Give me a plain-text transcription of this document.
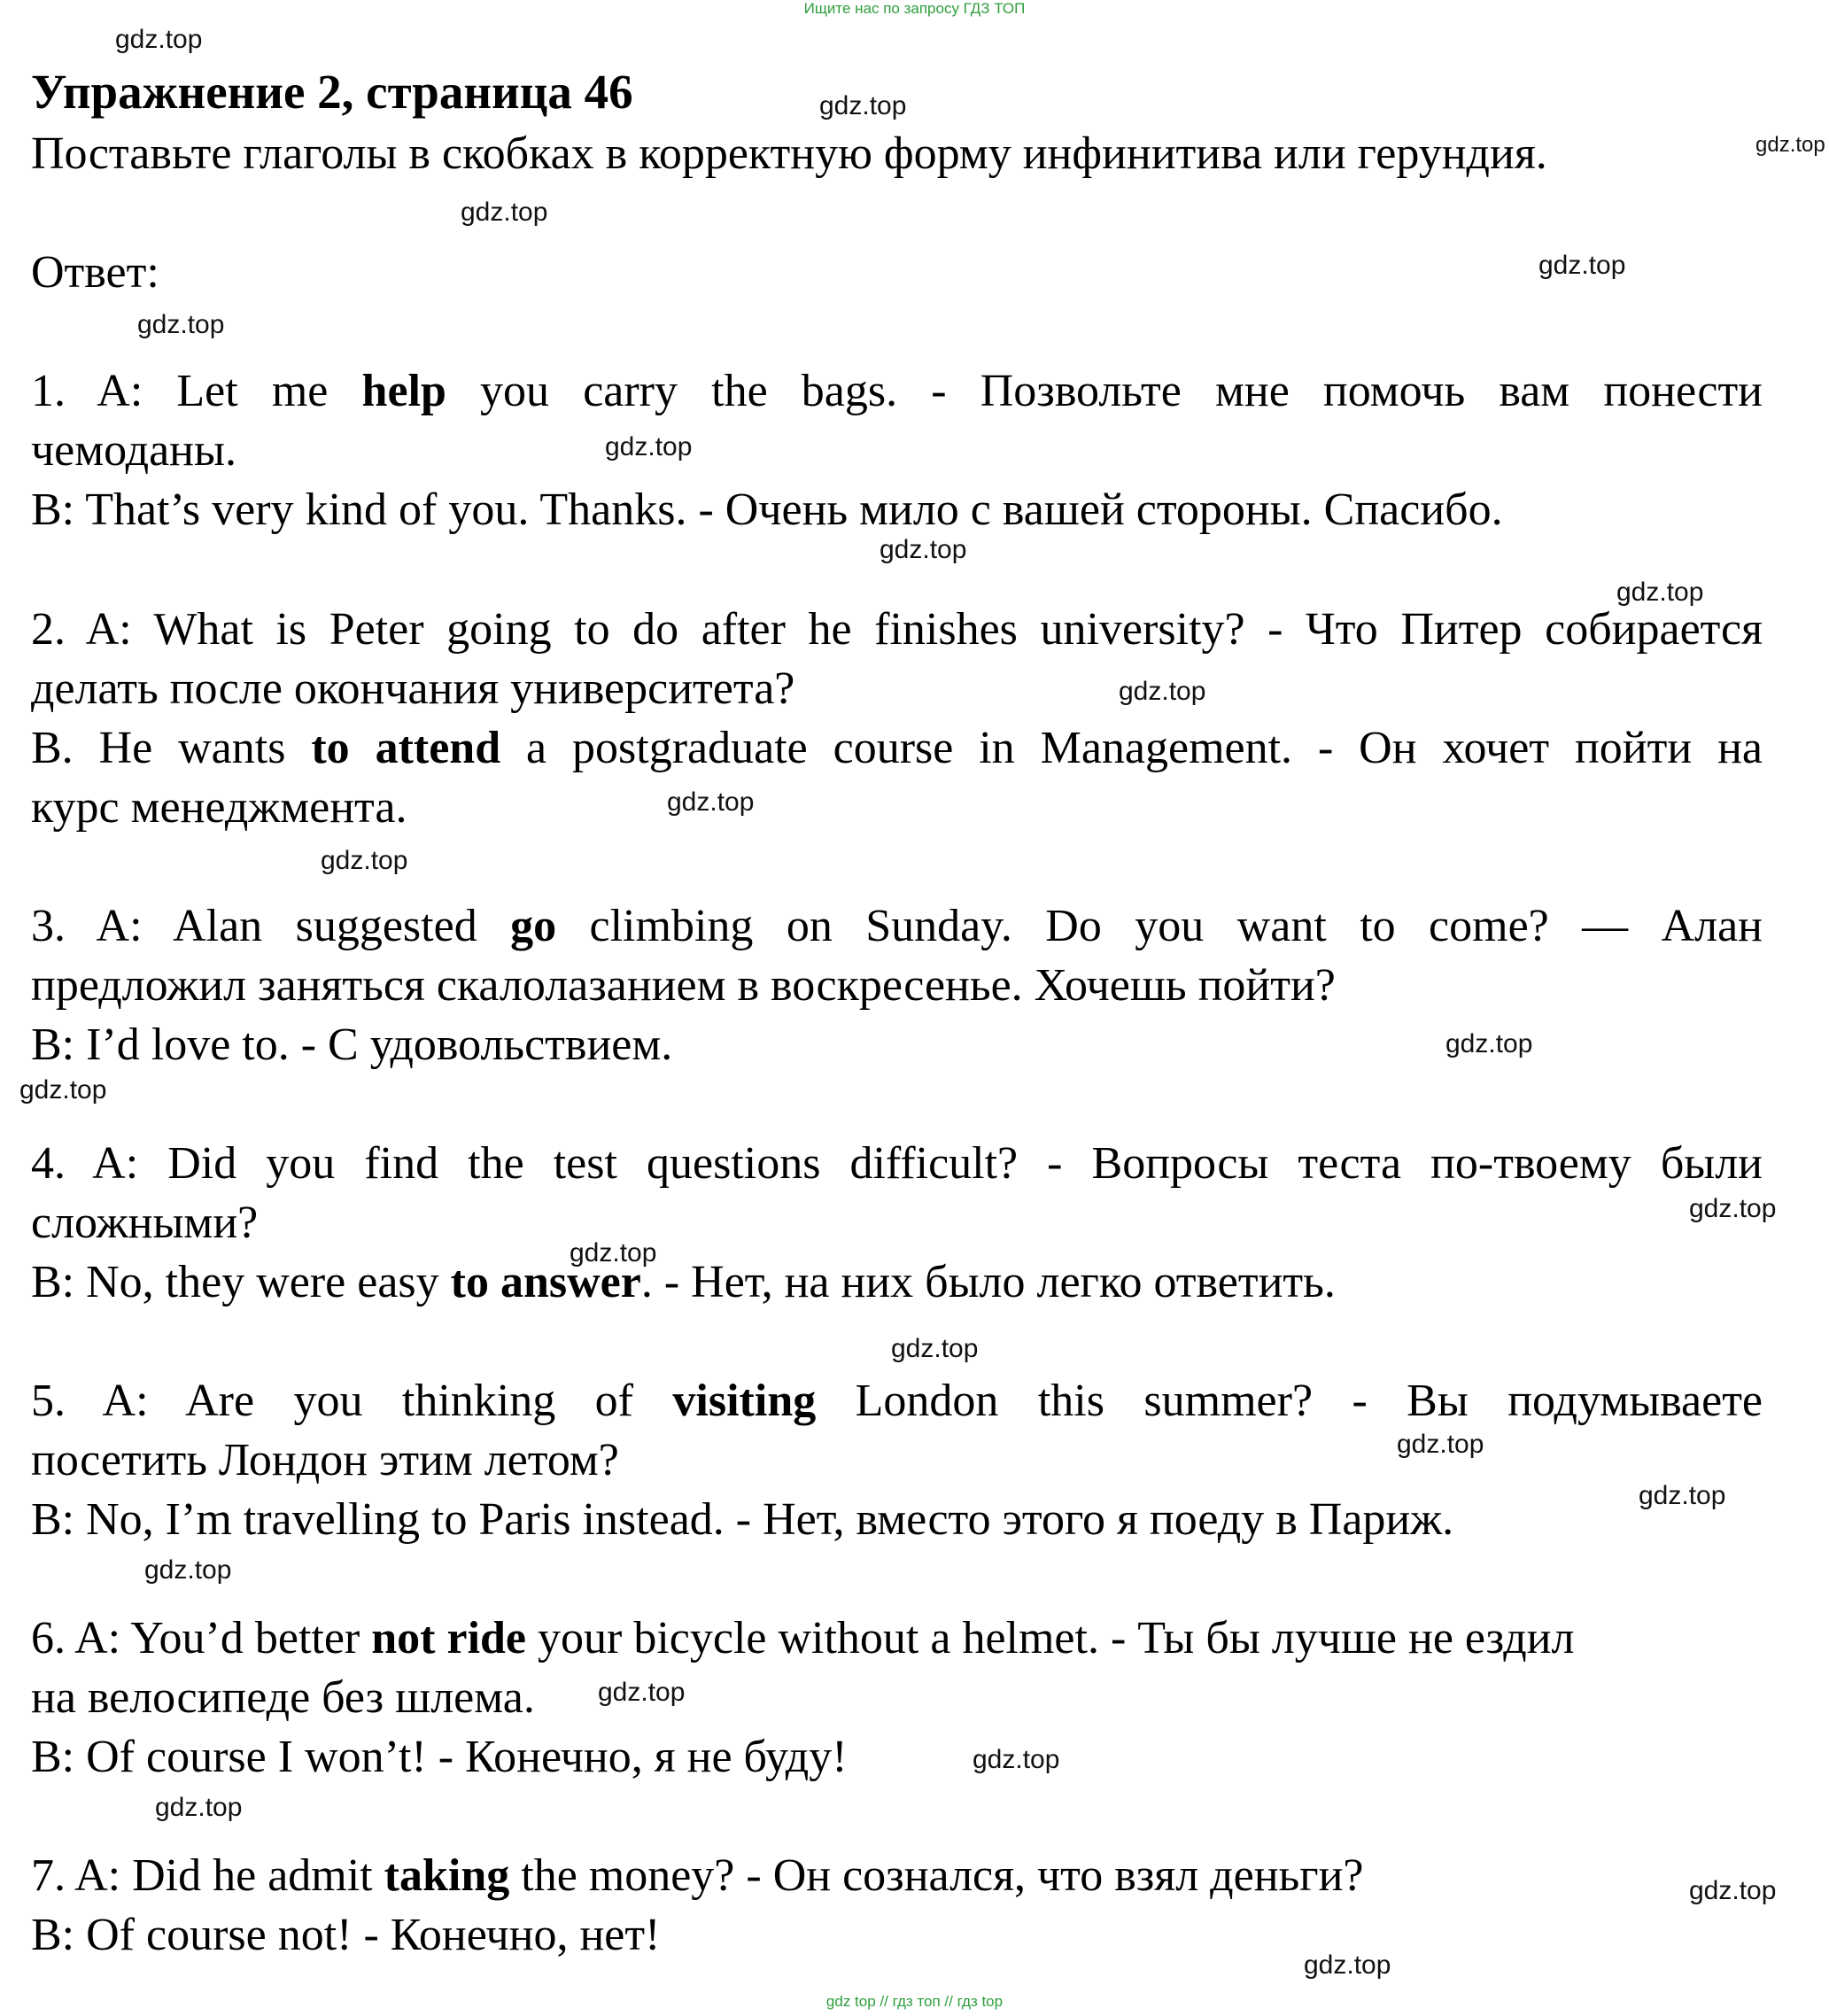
Ищите нас по запросу ГДЗ ТОП
gdz.top
gdz.top
gdz.top
gdz.top
gdz.top
gdz.top
gdz.top
gdz.top
gdz.top
gdz.top
gdz.top
gdz.top
gdz.top
gdz.top
gdz.top
gdz.top
gdz.top
gdz.top
gdz.top
gdz.top
gdz.top
gdz.top
gdz.top
gdz.top
gdz.top
Упражнение 2, страница 46
Поставьте глаголы в скобках в корректную форму инфинитива или герундия.
Ответ:
1. A: Let me help you carry the bags. - Позвольте мне помочь вам понести
чемоданы.
B: That’s very kind of you. Thanks. - Очень мило с вашей стороны. Спасибо.
2. A: What is Peter going to do after he finishes university? - Что Питер собирается
делать после окончания университета?
B. He wants to attend a postgraduate course in Management. - Он хочет пойти на
курс менеджмента.
3. A: Alan suggested go climbing on Sunday. Do you want to come? — Алан
предложил заняться скалолазанием в воскресенье. Хочешь пойти?
B: I’d love to. - С удовольствием.
4. A: Did you find the test questions difficult? - Вопросы теста по-твоему были
сложными?
B: No, they were easy to answer. - Нет, на них было легко ответить.
5. A: Are you thinking of visiting London this summer? - Вы подумываете
посетить Лондон этим летом?
B: No, I’m travelling to Paris instead. - Нет, вместо этого я поеду в Париж.
6. A: You’d better not ride your bicycle without a helmet. - Ты бы лучше не ездил
на велосипеде без шлема.
B: Of course I won’t! - Конечно, я не буду!
7. A: Did he admit taking the money? - Он сознался, что взял деньги?
B: Of course not! - Конечно, нет!
gdz top // гдз топ // гдз top
